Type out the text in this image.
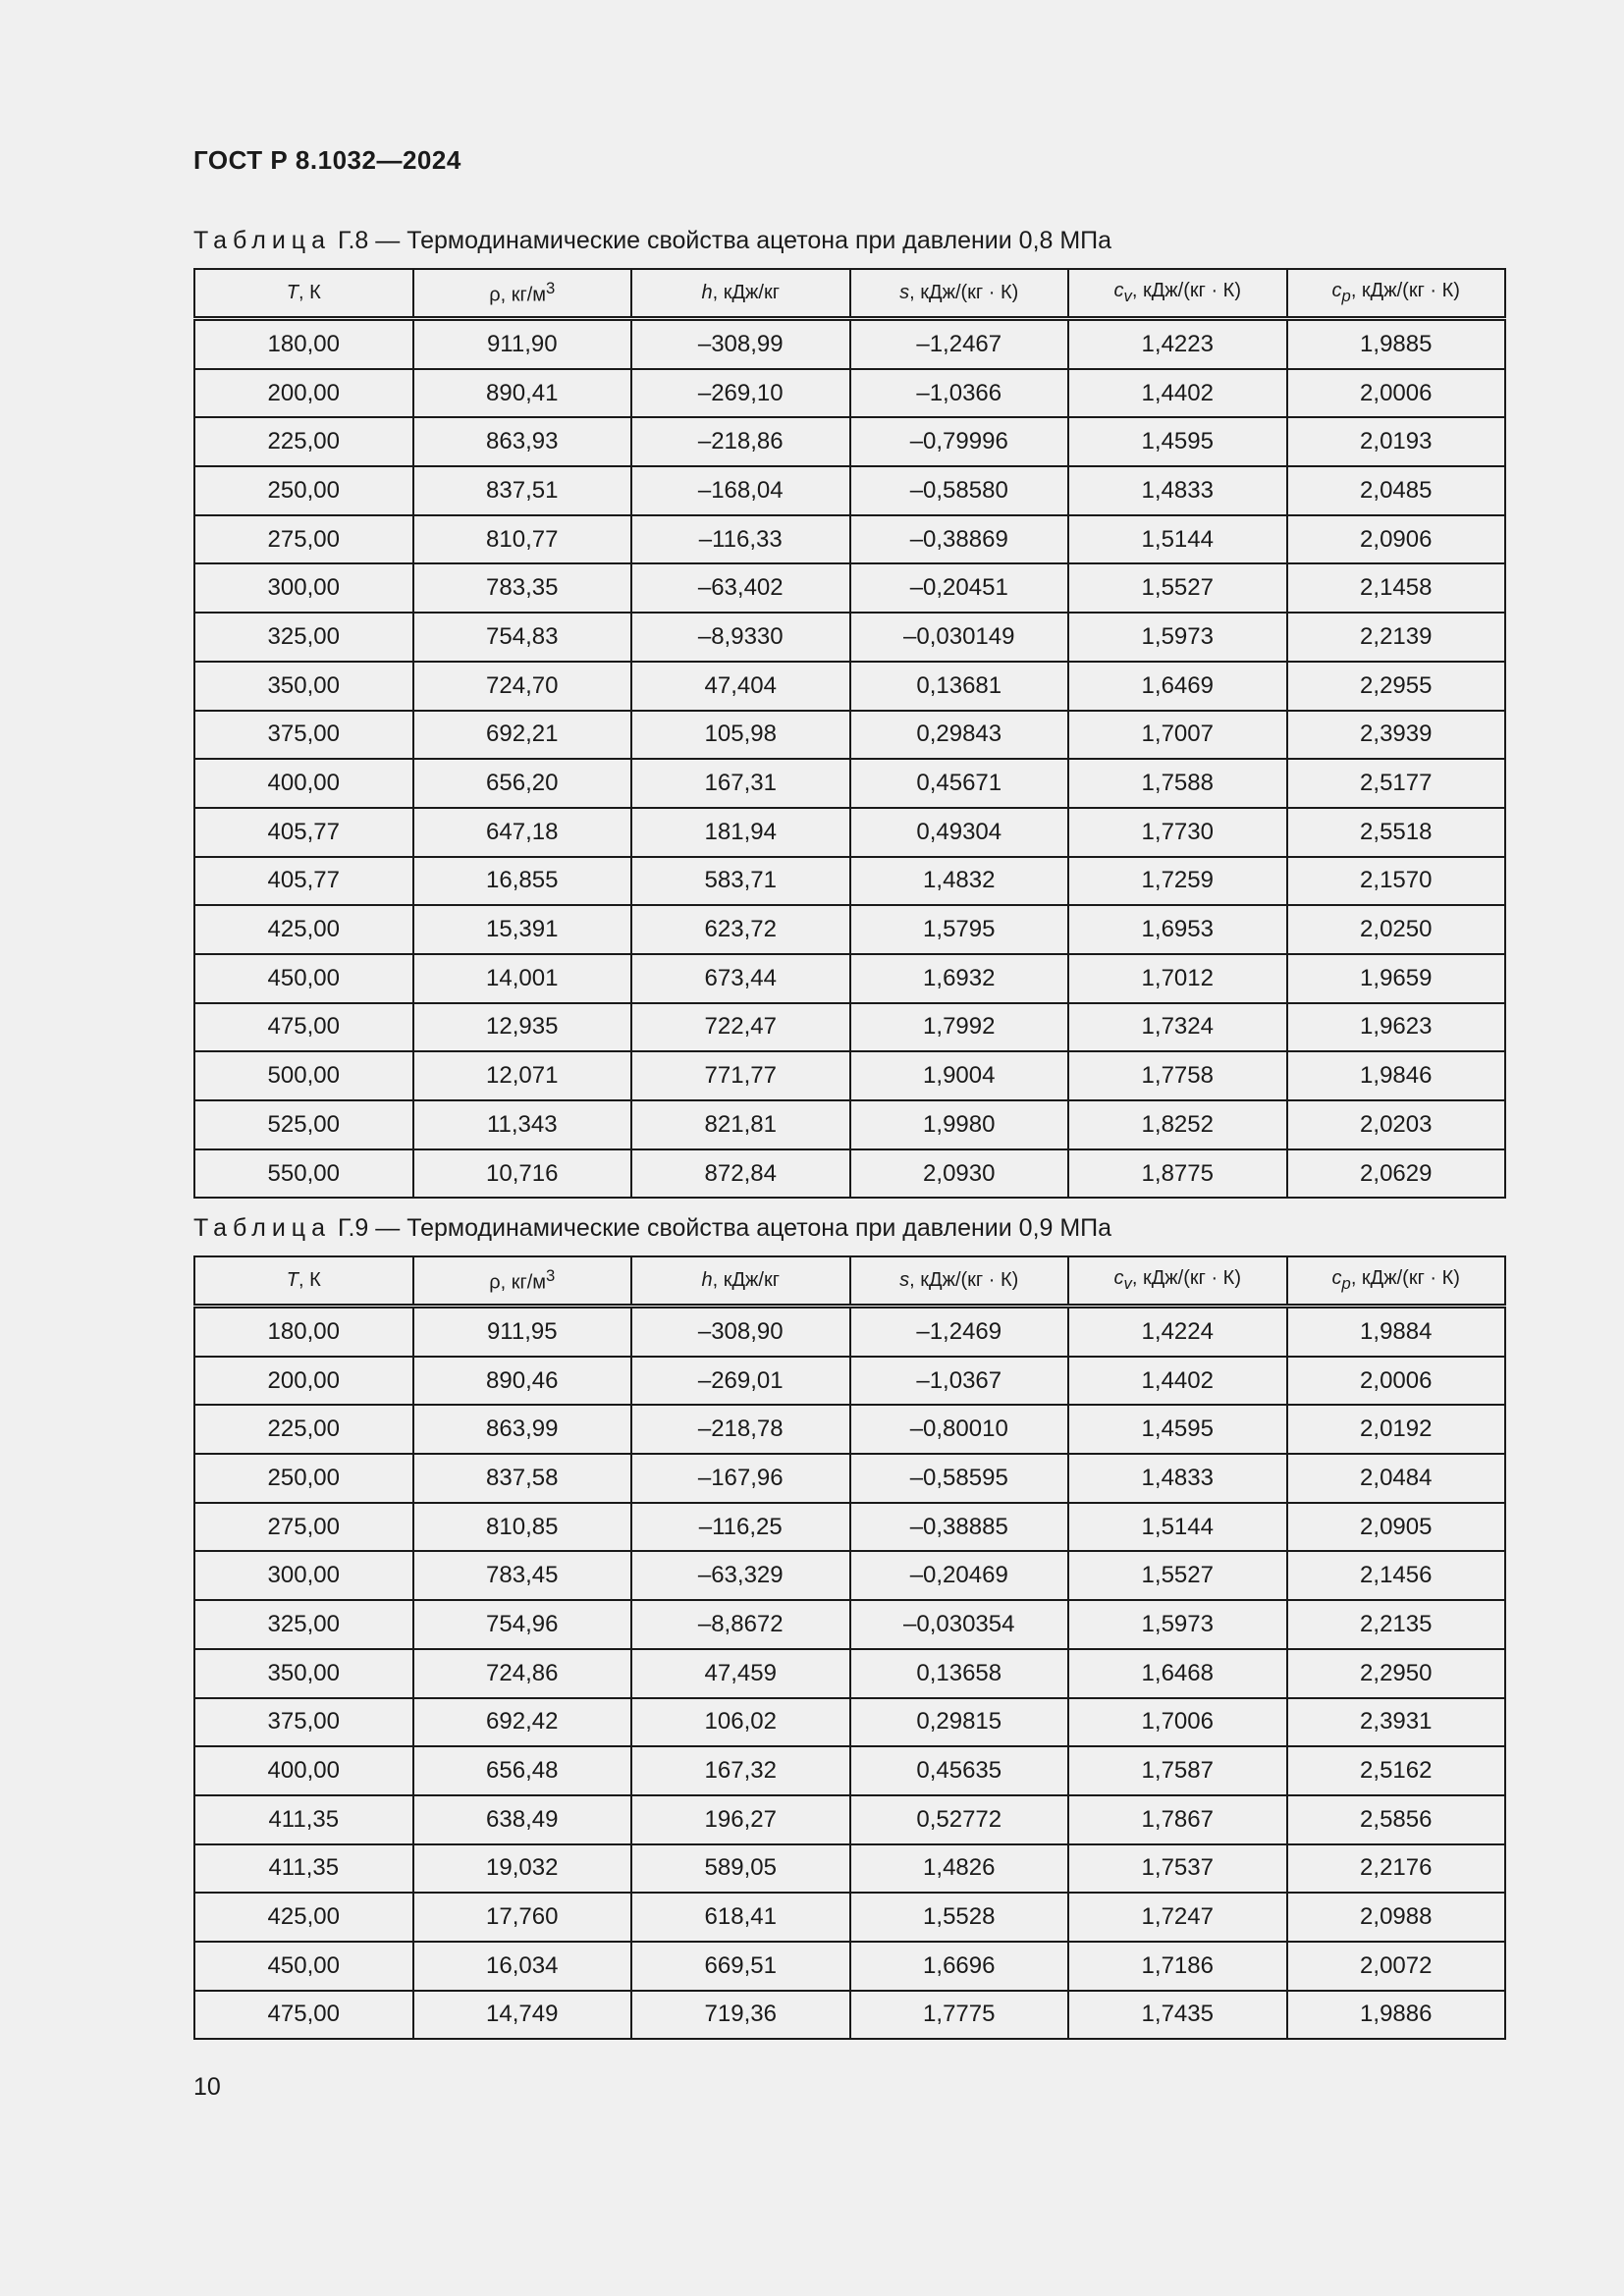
ГОСТ Р 8.1032—2024
Таблица Г.8 — Термодинамические свойства ацетона при давлении 0,8 МПа
T, К	ρ, $кг/м^3$	h, кДж/кг	s, кДж/(кг · К)	$c_v$, кДж/(кг · К)	$c_p$, кДж/(кг · К)
180,00	911,90	–308,99	–1,2467	1,4223	1,9885
200,00	890,41	–269,10	–1,0366	1,4402	2,0006
225,00	863,93	–218,86	–0,79996	1,4595	2,0193
250,00	837,51	–168,04	–0,58580	1,4833	2,0485
275,00	810,77	–116,33	–0,38869	1,5144	2,0906
300,00	783,35	–63,402	–0,20451	1,5527	2,1458
325,00	754,83	–8,9330	–0,030149	1,5973	2,2139
350,00	724,70	47,404	0,13681	1,6469	2,2955
375,00	692,21	105,98	0,29843	1,7007	2,3939
400,00	656,20	167,31	0,45671	1,7588	2,5177
405,77	647,18	181,94	0,49304	1,7730	2,5518
405,77	16,855	583,71	1,4832	1,7259	2,1570
425,00	15,391	623,72	1,5795	1,6953	2,0250
450,00	14,001	673,44	1,6932	1,7012	1,9659
475,00	12,935	722,47	1,7992	1,7324	1,9623
500,00	12,071	771,77	1,9004	1,7758	1,9846
525,00	11,343	821,81	1,9980	1,8252	2,0203
550,00	10,716	872,84	2,0930	1,8775	2,0629
Таблица Г.9 — Термодинамические свойства ацетона при давлении 0,9 МПа
T, К	ρ, $кг/м^3$	h, кДж/кг	s, кДж/(кг · К)	$c_v$, кДж/(кг · К)	$c_p$, кДж/(кг · К)
180,00	911,95	–308,90	–1,2469	1,4224	1,9884
200,00	890,46	–269,01	–1,0367	1,4402	2,0006
225,00	863,99	–218,78	–0,80010	1,4595	2,0192
250,00	837,58	–167,96	–0,58595	1,4833	2,0484
275,00	810,85	–116,25	–0,38885	1,5144	2,0905
300,00	783,45	–63,329	–0,20469	1,5527	2,1456
325,00	754,96	–8,8672	–0,030354	1,5973	2,2135
350,00	724,86	47,459	0,13658	1,6468	2,2950
375,00	692,42	106,02	0,29815	1,7006	2,3931
400,00	656,48	167,32	0,45635	1,7587	2,5162
411,35	638,49	196,27	0,52772	1,7867	2,5856
411,35	19,032	589,05	1,4826	1,7537	2,2176
425,00	17,760	618,41	1,5528	1,7247	2,0988
450,00	16,034	669,51	1,6696	1,7186	2,0072
475,00	14,749	719,36	1,7775	1,7435	1,9886
10
